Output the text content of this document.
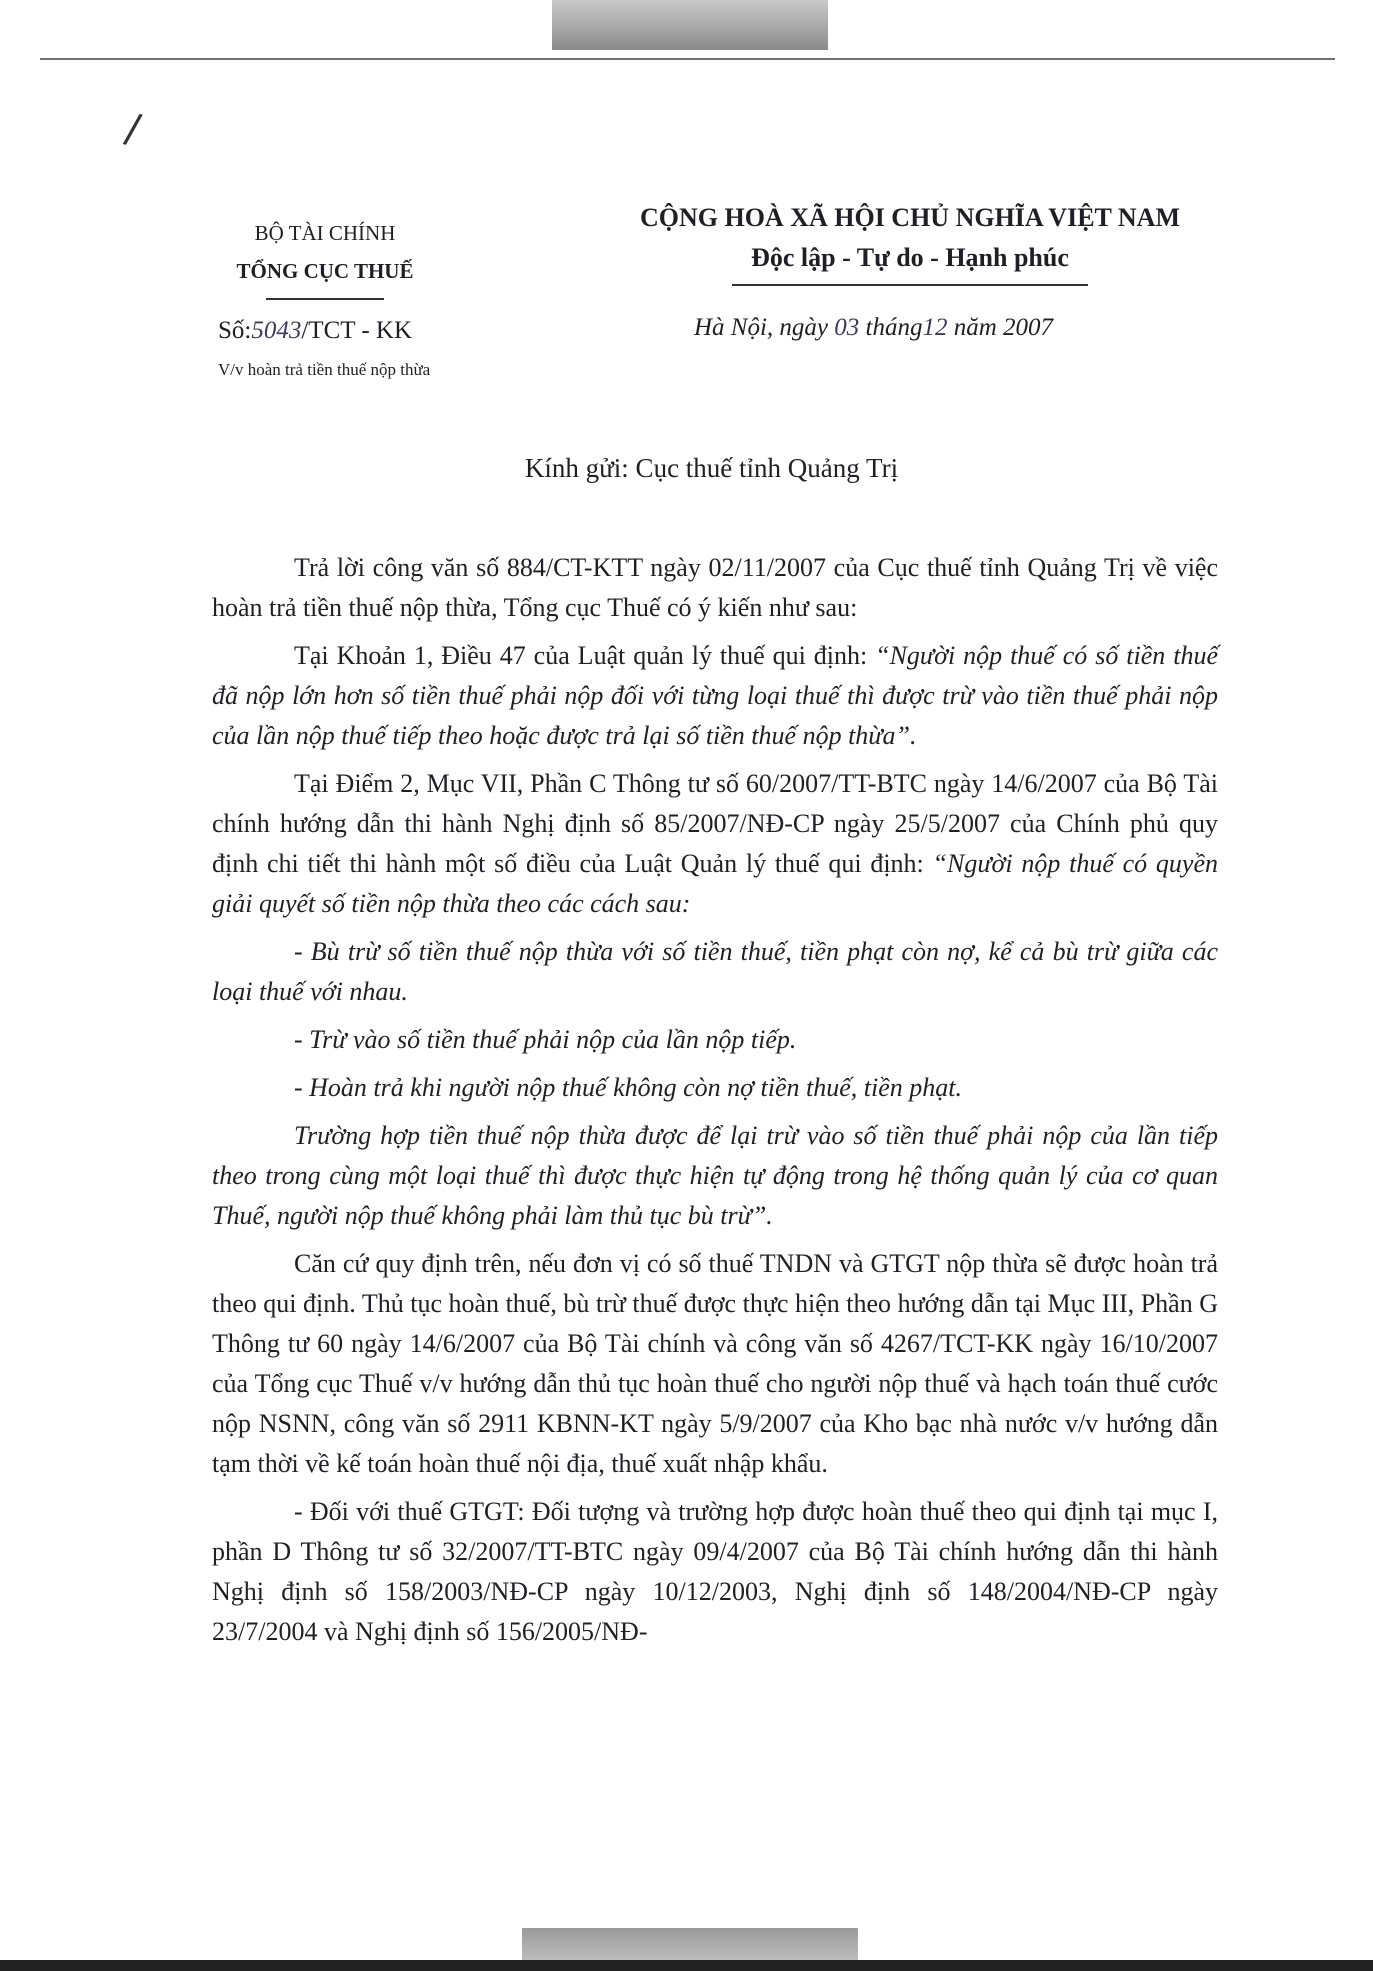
/
BỘ TÀI CHÍNH
TỔNG CỤC THUẾ
CỘNG HOÀ XÃ HỘI CHỦ NGHĨA VIỆT NAM
Độc lập - Tự do - Hạnh phúc
Số:5043/TCT - KK
V/v hoàn trả tiền thuế nộp thừa
Hà Nội, ngày 03 tháng12 năm 2007
Kính gửi: Cục thuế tỉnh Quảng Trị

Trả lời công văn số 884/CT-KTT ngày 02/11/2007 của Cục thuế tỉnh Quảng Trị về việc hoàn trả tiền thuế nộp thừa, Tổng cục Thuế có ý kiến như sau:

Tại Khoản 1, Điều 47 của Luật quản lý thuế qui định: “Người nộp thuế có số tiền thuế đã nộp lớn hơn số tiền thuế phải nộp đối với từng loại thuế thì được trừ vào tiền thuế phải nộp của lần nộp thuế tiếp theo hoặc được trả lại số tiền thuế nộp thừa”.

Tại Điểm 2, Mục VII, Phần C Thông tư số 60/2007/TT-BTC ngày 14/6/2007 của Bộ Tài chính hướng dẫn thi hành Nghị định số 85/2007/NĐ-CP ngày 25/5/2007 của Chính phủ quy định chi tiết thi hành một số điều của Luật Quản lý thuế qui định: “Người nộp thuế có quyền giải quyết số tiền nộp thừa theo các cách sau:

- Bù trừ số tiền thuế nộp thừa với số tiền thuế, tiền phạt còn nợ, kể cả bù trừ giữa các loại thuế với nhau.

- Trừ vào số tiền thuế phải nộp của lần nộp tiếp.

- Hoàn trả khi người nộp thuế không còn nợ tiền thuế, tiền phạt.

Trường hợp tiền thuế nộp thừa được để lại trừ vào số tiền thuế phải nộp của lần tiếp theo trong cùng một loại thuế thì được thực hiện tự động trong hệ thống quản lý của cơ quan Thuế, người nộp thuế không phải làm thủ tục bù trừ”.

Căn cứ quy định trên, nếu đơn vị có số thuế TNDN và GTGT nộp thừa sẽ được hoàn trả theo qui định. Thủ tục hoàn thuế, bù trừ thuế được thực hiện theo hướng dẫn tại Mục III, Phần G Thông tư 60 ngày 14/6/2007 của Bộ Tài chính và công văn số 4267/TCT-KK ngày 16/10/2007 của Tổng cục Thuế v/v hướng dẫn thủ tục hoàn thuế cho người nộp thuế và hạch toán thuế cước nộp NSNN, công văn số 2911 KBNN-KT ngày 5/9/2007 của Kho bạc nhà nước v/v hướng dẫn tạm thời về kế toán hoàn thuế nội địa, thuế xuất nhập khẩu.

- Đối với thuế GTGT: Đối tượng và trường hợp được hoàn thuế theo qui định tại mục I, phần D Thông tư số 32/2007/TT-BTC ngày 09/4/2007 của Bộ Tài chính hướng dẫn thi hành Nghị định số 158/2003/NĐ-CP ngày 10/12/2003, Nghị định số 148/2004/NĐ-CP ngày 23/7/2004 và Nghị định số 156/2005/NĐ-
